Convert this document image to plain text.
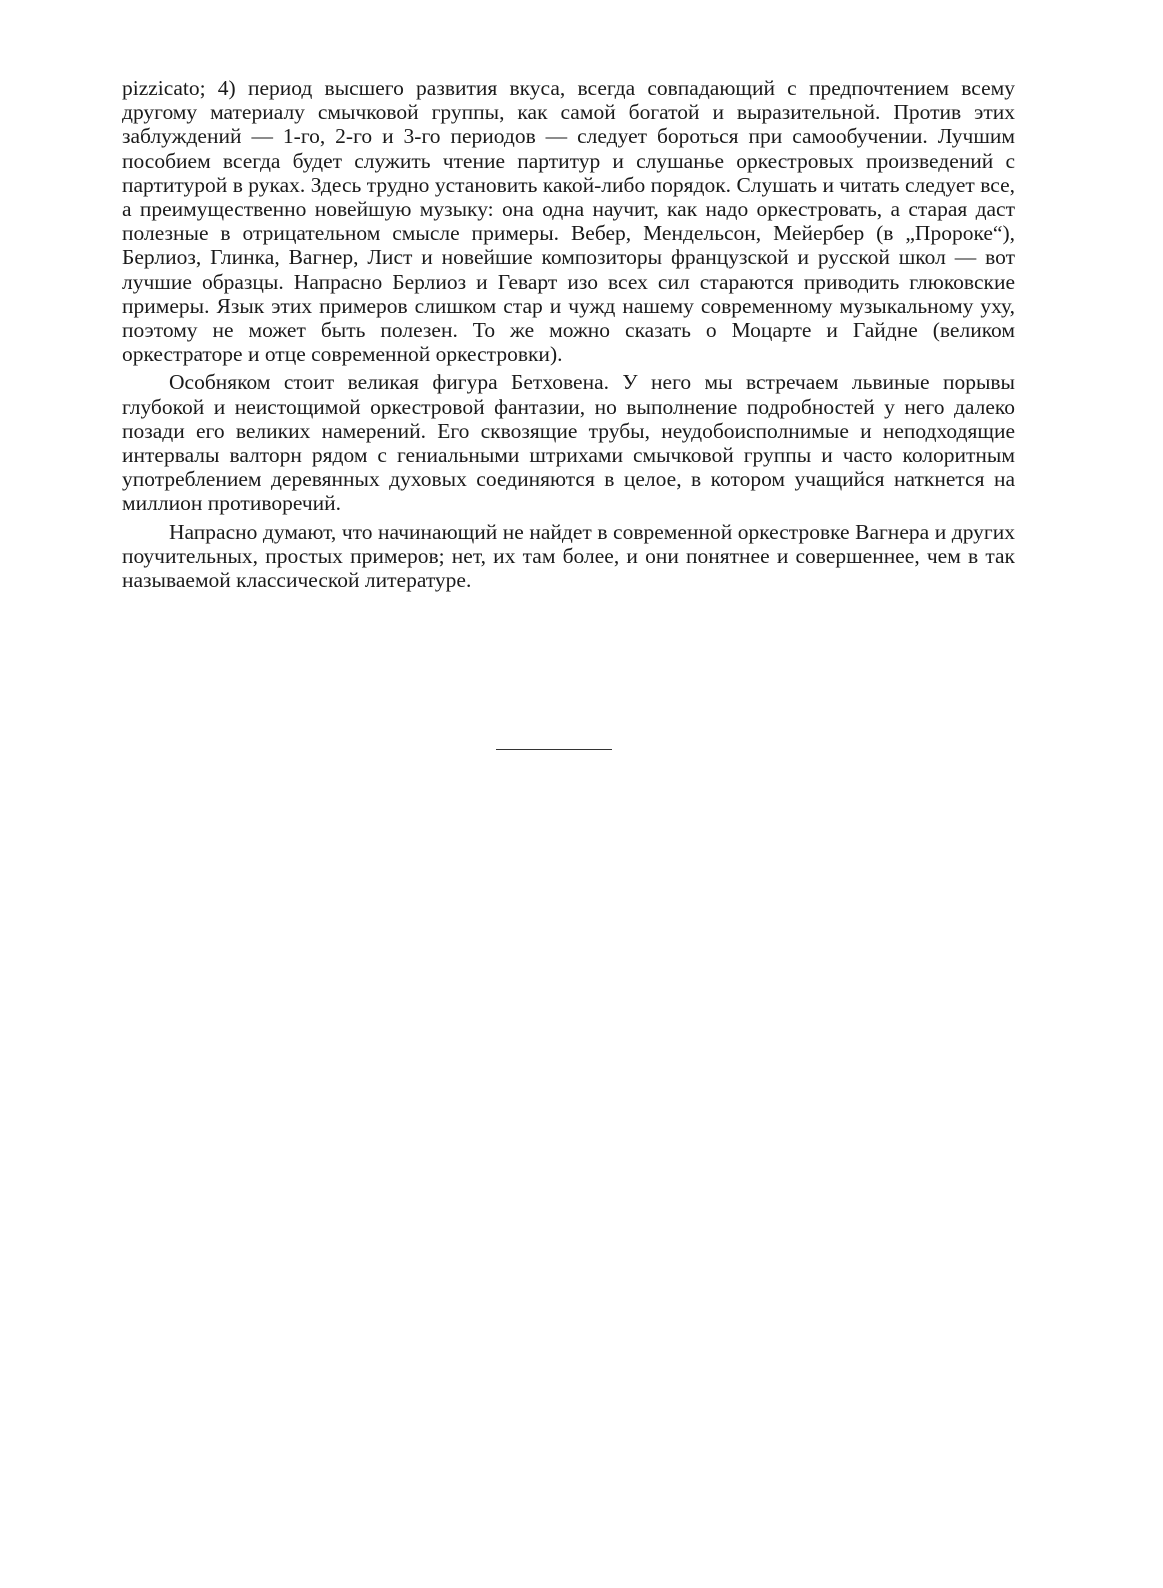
pizzicato; 4) период высшего развития вкуса, всегда совпадающий с предпочтением всему другому материалу смычковой группы, как самой богатой и выразительной. Против этих заблуждений — 1-го, 2-го и 3-го периодов — следует бороться при самообучении. Лучшим пособием всегда будет служить чтение партитур и слушанье оркестровых произведений с партитурой в руках. Здесь трудно установить какой-либо порядок. Слушать и читать следует все, а преимущественно новейшую музыку: она одна научит, как надо оркестровать, а старая даст полезные в отрицательном смысле примеры. Вебер, Мендельсон, Мейербер (в „Пророке“), Берлиоз, Глинка, Вагнер, Лист и новейшие композиторы французской и русской школ — вот лучшие образцы. Напрасно Берлиоз и Геварт изо всех сил стараются приводить глюковские примеры. Язык этих примеров слишком стар и чужд нашему современному музыкальному уху, поэтому не может быть полезен. То же можно сказать о Моцарте и Гайдне (великом оркестраторе и отце современной оркестровки).

Особняком стоит великая фигура Бетховена. У него мы встречаем львиные порывы глубокой и неистощимой оркестровой фантазии, но выполнение подробностей у него далеко позади его великих намерений. Его сквозящие трубы, неудобоисполнимые и неподходящие интервалы валторн рядом с гениальными штрихами смычковой группы и часто колоритным употреблением деревянных духовых соединяются в целое, в котором учащийся наткнется на миллион противоречий.

Напрасно думают, что начинающий не найдет в современной оркестровке Вагнера и других поучительных, простых примеров; нет, их там более, и они понятнее и совершеннее, чем в так называемой классической литературе.
